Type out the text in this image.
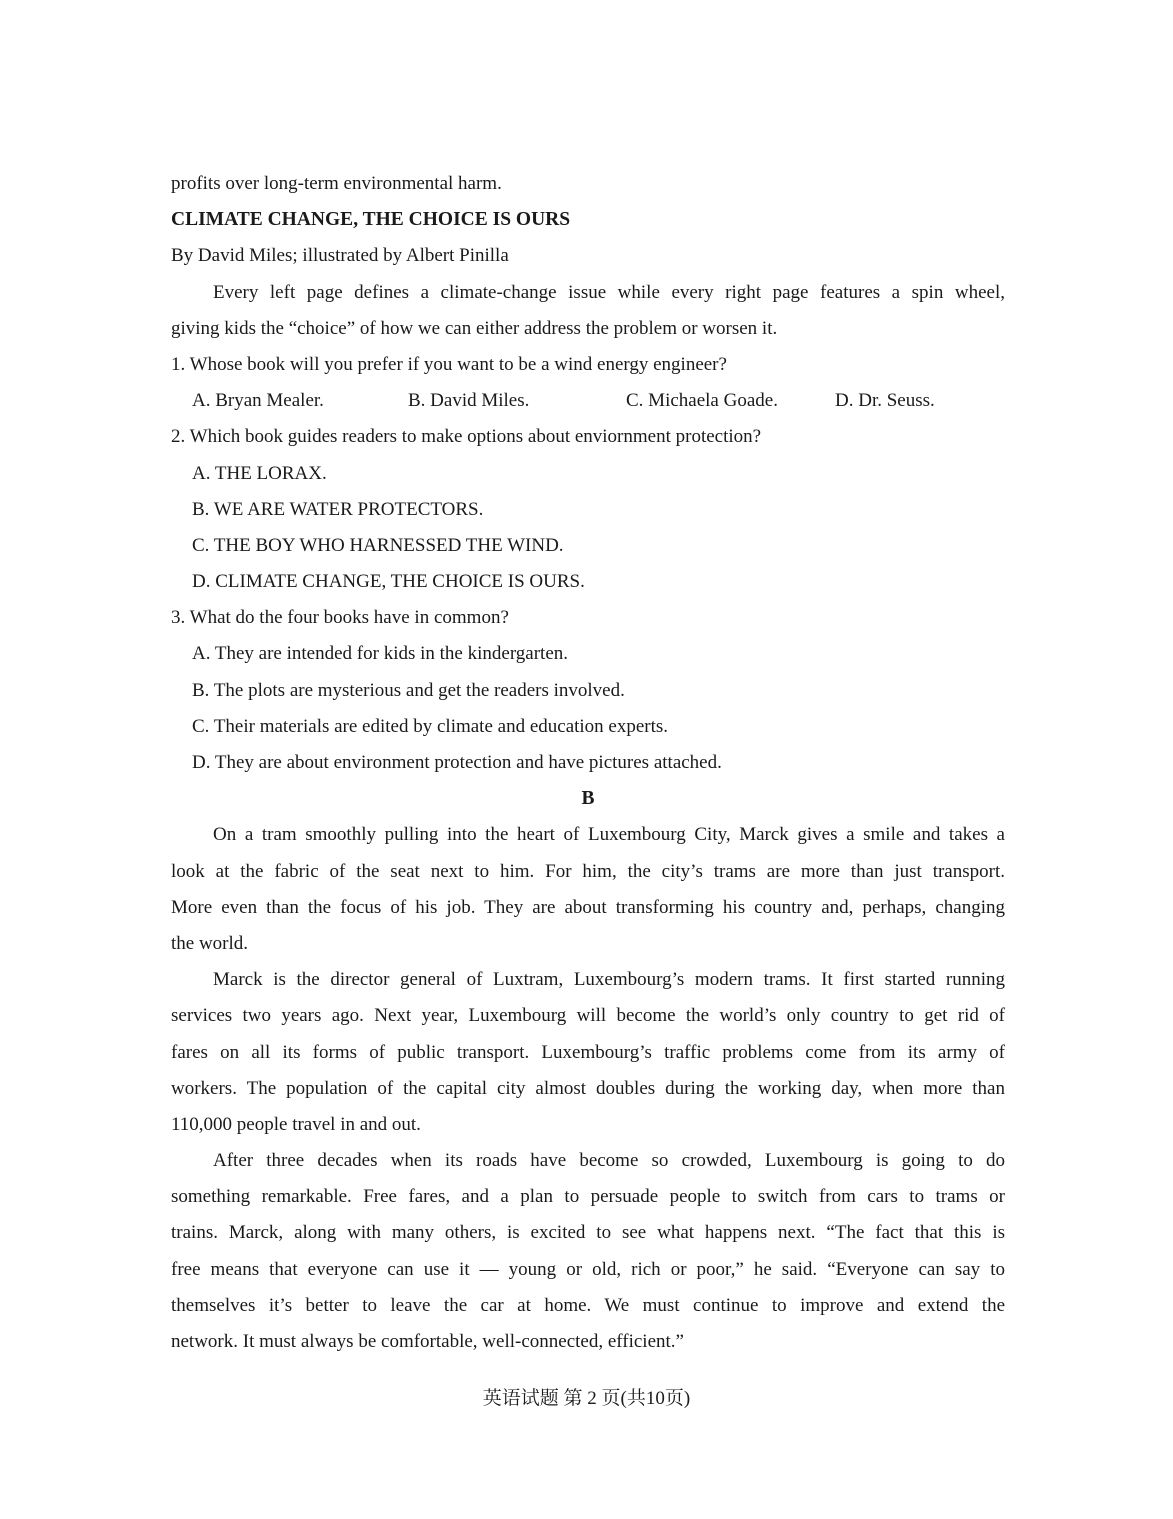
profits over long-term environmental harm.
CLIMATE CHANGE, THE CHOICE IS OURS
By David Miles; illustrated by Albert Pinilla
Every left page defines a climate-change issue while every right page features a spin wheel,
giving kids the “choice” of how we can either address the problem or worsen it.
1. Whose book will you prefer if you want to be a wind energy engineer?
A. Bryan Mealer.	B. David Miles.	C. Michaela Goade.	D. Dr. Seuss.
2. Which book guides readers to make options about enviornment protection?
A. THE LORAX.
B. WE ARE WATER PROTECTORS.
C. THE BOY WHO HARNESSED THE WIND.
D. CLIMATE CHANGE, THE CHOICE IS OURS.
3. What do the four books have in common?
A. They are intended for kids in the kindergarten.
B. The plots are mysterious and get the readers involved.
C. Their materials are edited by climate and education experts.
D. They are about environment protection and have pictures attached.
B
On a tram smoothly pulling into the heart of Luxembourg City, Marck gives a smile and takes a
look at the fabric of the seat next to him. For him, the city’s trams are more than just transport.
More even than the focus of his job. They are about transforming his country and, perhaps, changing
the world.
Marck is the director general of Luxtram, Luxembourg’s modern trams. It first started running
services two years ago. Next year, Luxembourg will become the world’s only country to get rid of
fares on all its forms of public transport. Luxembourg’s traffic problems come from its army of
workers. The population of the capital city almost doubles during the working day, when more than
110,000 people travel in and out.
After three decades when its roads have become so crowded, Luxembourg is going to do
something remarkable. Free fares, and a plan to persuade people to switch from cars to trams or
trains. Marck, along with many others, is excited to see what happens next. “The fact that this is
free means that everyone can use it — young or old, rich or poor,” he said. “Everyone can say to
themselves it’s better to leave the car at home. We must continue to improve and extend the
network. It must always be comfortable, well-connected, efficient.”
英语试题 第 2 页(共10页)
